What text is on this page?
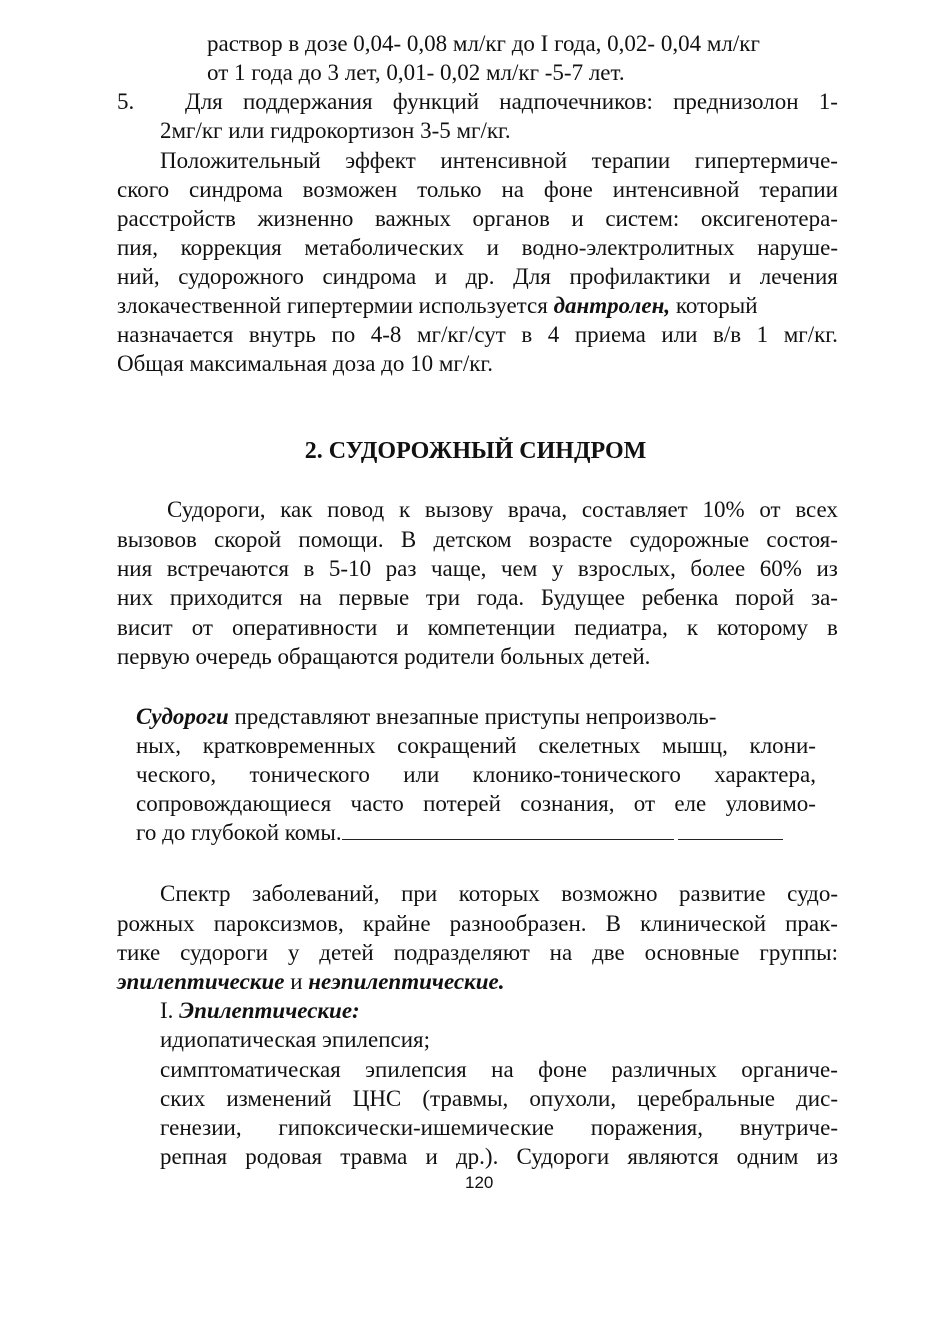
раствор в дозе 0,04- 0,08 мл/кг до I года, 0,02- 0,04 мл/кг
от 1 года до 3 лет, 0,01- 0,02 мл/кг -5-7 лет.
5. Для поддержания функций надпочечников: преднизолон 1-
2мг/кг или гидрокортизон 3-5 мг/кг.
Положительный эффект интенсивной терапии гипертермиче-
ского синдрома возможен только на фоне интенсивной терапии
расстройств жизненно важных органов и систем: оксигенотера-
пия, коррекция метаболических и водно-электролитных наруше-
ний, судорожного синдрома и др. Для профилактики и лечения
злокачественной гипертермии используется дантролен, который
назначается внутрь по 4-8 мг/кг/сут в 4 приема или в/в 1 мг/кг.
Общая максимальная доза до 10 мг/кг.
2. СУДОРОЖНЫЙ СИНДРОМ
Судороги, как повод к вызову врача, составляет 10% от всех
вызовов скорой помощи. В детском возрасте судорожные состоя-
ния встречаются в 5-10 раз чаще, чем у взрослых, более 60% из
них приходится на первые три года. Будущее ребенка порой за-
висит от оперативности и компетенции педиатра, к которому в
первую очередь обращаются родители больных детей.
Судороги представляют внезапные приступы непроизволь-
ных, кратковременных сокращений скелетных мышц, клони-
ческого, тонического или клонико-тонического характера,
сопровождающиеся часто потерей сознания, от еле уловимо-
го до глубокой комы.
Спектр заболеваний, при которых возможно развитие судо-
рожных пароксизмов, крайне разнообразен. В клинической прак-
тике судороги у детей подразделяют на две основные группы:
эпилептические и неэпилептические.
I. Эпилептические:
идиопатическая эпилепсия;
симптоматическая эпилепсия на фоне различных органиче-
ских изменений ЦНС (травмы, опухоли, церебральные дис-
генезии, гипоксически-ишемические поражения, внутриче-
репная родовая травма и др.). Судороги являются одним из
120
